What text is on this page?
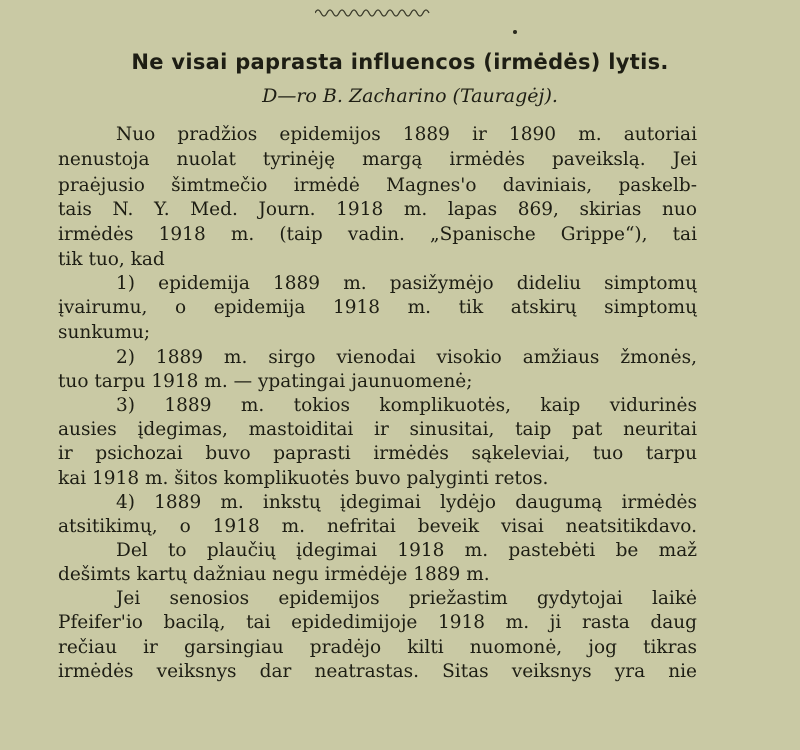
Ne visai paprasta influencos (irmėdės) lytis.
D—ro B. Zacharino (Tauragėj).
Nuo pradžios epidemijos 1889 ir 1890 m. autoriai
nenustoja nuolat tyrinėję margą irmėdės paveikslą. Jei
praėjusio šimtmečio irmėdė Magnes'o daviniais, paskelb-
tais N. Y. Med. Journ. 1918 m. lapas 869, skirias nuo
irmėdės 1918 m. (taip vadin. „Spanische Grippe“), tai
tik tuo, kad
1) epidemija 1889 m. pasižymėjo dideliu simptomų
įvairumu, o epidemija 1918 m. tik atskirų simptomų
sunkumu;
2) 1889 m. sirgo vienodai visokio amžiaus žmonės,
tuo tarpu 1918 m. — ypatingai jaunuomenė;
3) 1889 m. tokios komplikuotės, kaip vidurinės
ausies įdegimas, mastoiditai ir sinusitai, taip pat neuritai
ir psichozai buvo paprasti irmėdės sąkeleviai, tuo tarpu
kai 1918 m. šitos komplikuotės buvo palyginti retos.
4) 1889 m. inkstų įdegimai lydėjo daugumą irmėdės
atsitikimų, o 1918 m. nefritai beveik visai neatsitikdavo.
Del to plaučių įdegimai 1918 m. pastebėti be maž
dešimts kartų dažniau negu irmėdėje 1889 m.
Jei senosios epidemijos priežastim gydytojai laikė
Pfeifer'io bacilą, tai epidedimijoje 1918 m. ji rasta daug
rečiau ir garsingiau pradėjo kilti nuomonė, jog tikras
irmėdės veiksnys dar neatrastas. Sitas veiksnys yra nie
